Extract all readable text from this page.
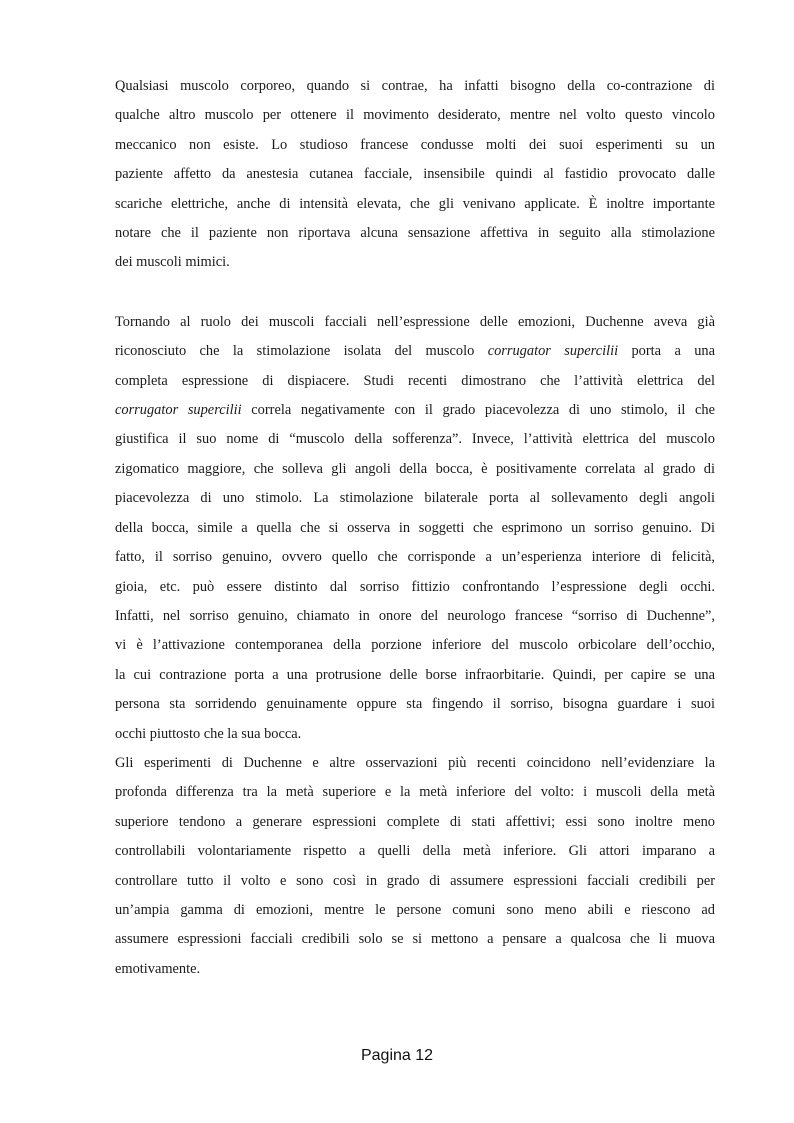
Qualsiasi muscolo corporeo, quando si contrae, ha infatti bisogno della co-contrazione di
qualche altro muscolo per ottenere il movimento desiderato, mentre nel volto questo vincolo
meccanico non esiste. Lo studioso francese condusse molti dei suoi esperimenti su un
paziente affetto da anestesia cutanea facciale, insensibile quindi al fastidio provocato dalle
scariche elettriche, anche di intensità elevata, che gli venivano applicate. È inoltre importante
notare che il paziente non riportava alcuna sensazione affettiva in seguito alla stimolazione
dei muscoli mimici.

Tornando al ruolo dei muscoli facciali nell’espressione delle emozioni, Duchenne aveva già
riconosciuto che la stimolazione isolata del muscolo corrugator supercilii porta a una
completa espressione di dispiacere. Studi recenti dimostrano che l’attività elettrica del
corrugator supercilii correla negativamente con il grado piacevolezza di uno stimolo, il che
giustifica il suo nome di “muscolo della sofferenza”. Invece, l’attività elettrica del muscolo
zigomatico maggiore, che solleva gli angoli della bocca, è positivamente correlata al grado di
piacevolezza di uno stimolo. La stimolazione bilaterale porta al sollevamento degli angoli
della bocca, simile a quella che si osserva in soggetti che esprimono un sorriso genuino. Di
fatto, il sorriso genuino, ovvero quello che corrisponde a un’esperienza interiore di felicità,
gioia, etc. può essere distinto dal sorriso fittizio confrontando l’espressione degli occhi.
Infatti, nel sorriso genuino, chiamato in onore del neurologo francese “sorriso di Duchenne”,
vi è l’attivazione contemporanea della porzione inferiore del muscolo orbicolare dell’occhio,
la cui contrazione porta a una protrusione delle borse infraorbitarie. Quindi, per capire se una
persona sta sorridendo genuinamente oppure sta fingendo il sorriso, bisogna guardare i suoi
occhi piuttosto che la sua bocca.

Gli esperimenti di Duchenne e altre osservazioni più recenti coincidono nell’evidenziare la
profonda differenza tra la metà superiore e la metà inferiore del volto: i muscoli della metà
superiore tendono a generare espressioni complete di stati affettivi; essi sono inoltre meno
controllabili volontariamente rispetto a quelli della metà inferiore. Gli attori imparano a
controllare tutto il volto e sono così in grado di assumere espressioni facciali credibili per
un’ampia gamma di emozioni, mentre le persone comuni sono meno abili e riescono ad
assumere espressioni facciali credibili solo se si mettono a pensare a qualcosa che li muova
emotivamente.

Pagina 12
